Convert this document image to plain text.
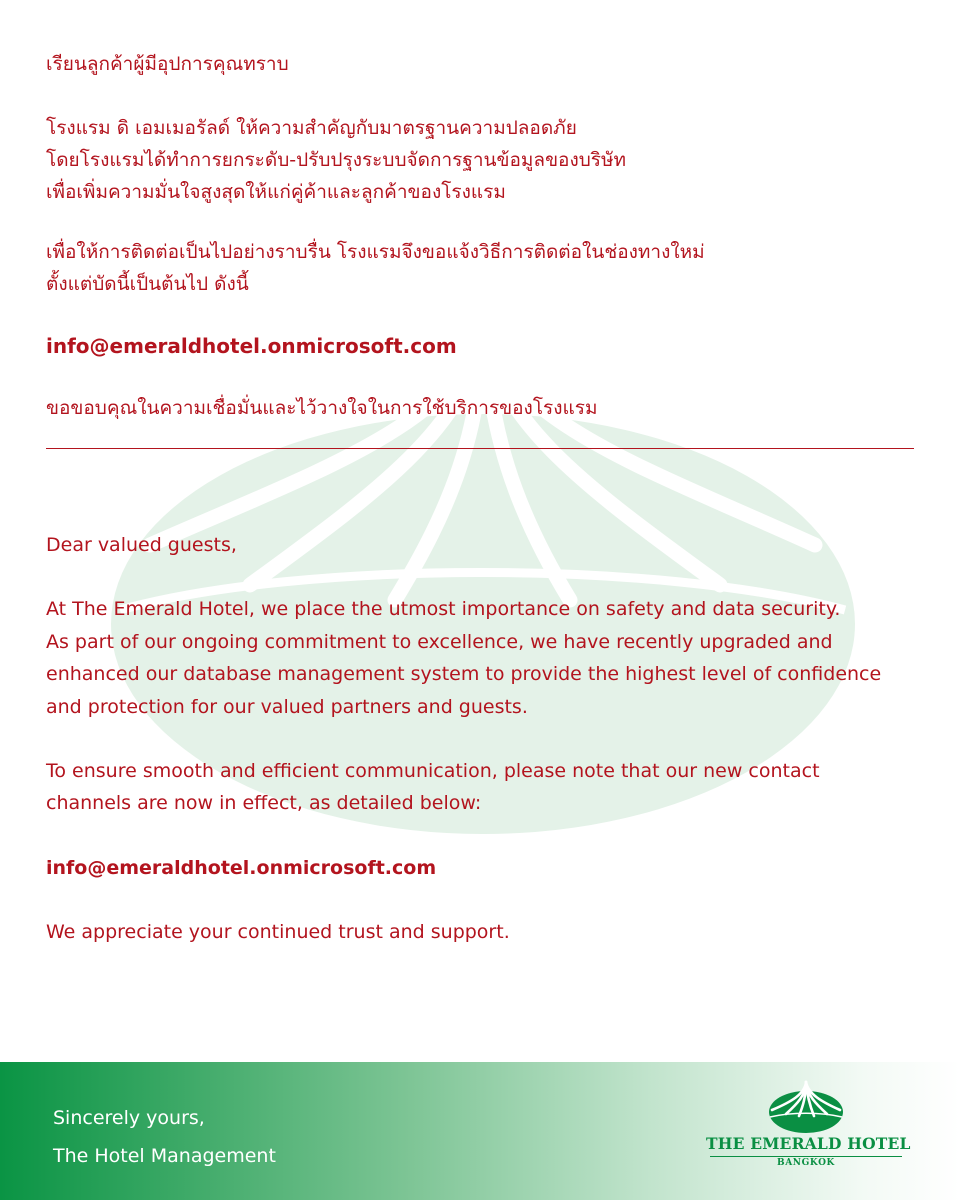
เรียนลูกค้าผู้มีอุปการคุณทราบ

โรงแรม ดิ เอมเมอรัลด์ ให้ความสำคัญกับมาตรฐานความปลอดภัย
โดยโรงแรมได้ทำการยกระดับ-ปรับปรุงระบบจัดการฐานข้อมูลของบริษัท
เพื่อเพิ่มความมั่นใจสูงสุดให้แก่คู่ค้าและลูกค้าของโรงแรม

เพื่อให้การติดต่อเป็นไปอย่างราบรื่น โรงแรมจึงขอแจ้งวิธีการติดต่อในช่องทางใหม่
ตั้งแต่บัดนี้เป็นต้นไป ดังนี้

info@emeraldhotel.onmicrosoft.com

ขอขอบคุณในความเชื่อมั่นและไว้วางใจในการใช้บริการของโรงแรม

Dear valued guests,

At The Emerald Hotel, we place the utmost importance on safety and data security.
As part of our ongoing commitment to excellence, we have recently upgraded and
enhanced our database management system to provide the highest level of confidence
and protection for our valued partners and guests.

To ensure smooth and efficient communication, please note that our new contact
channels are now in effect, as detailed below:

info@emeraldhotel.onmicrosoft.com

We appreciate your continued trust and support.

Sincerely yours,
The Hotel Management
THE EMERALD HOTEL
BANGKOK
